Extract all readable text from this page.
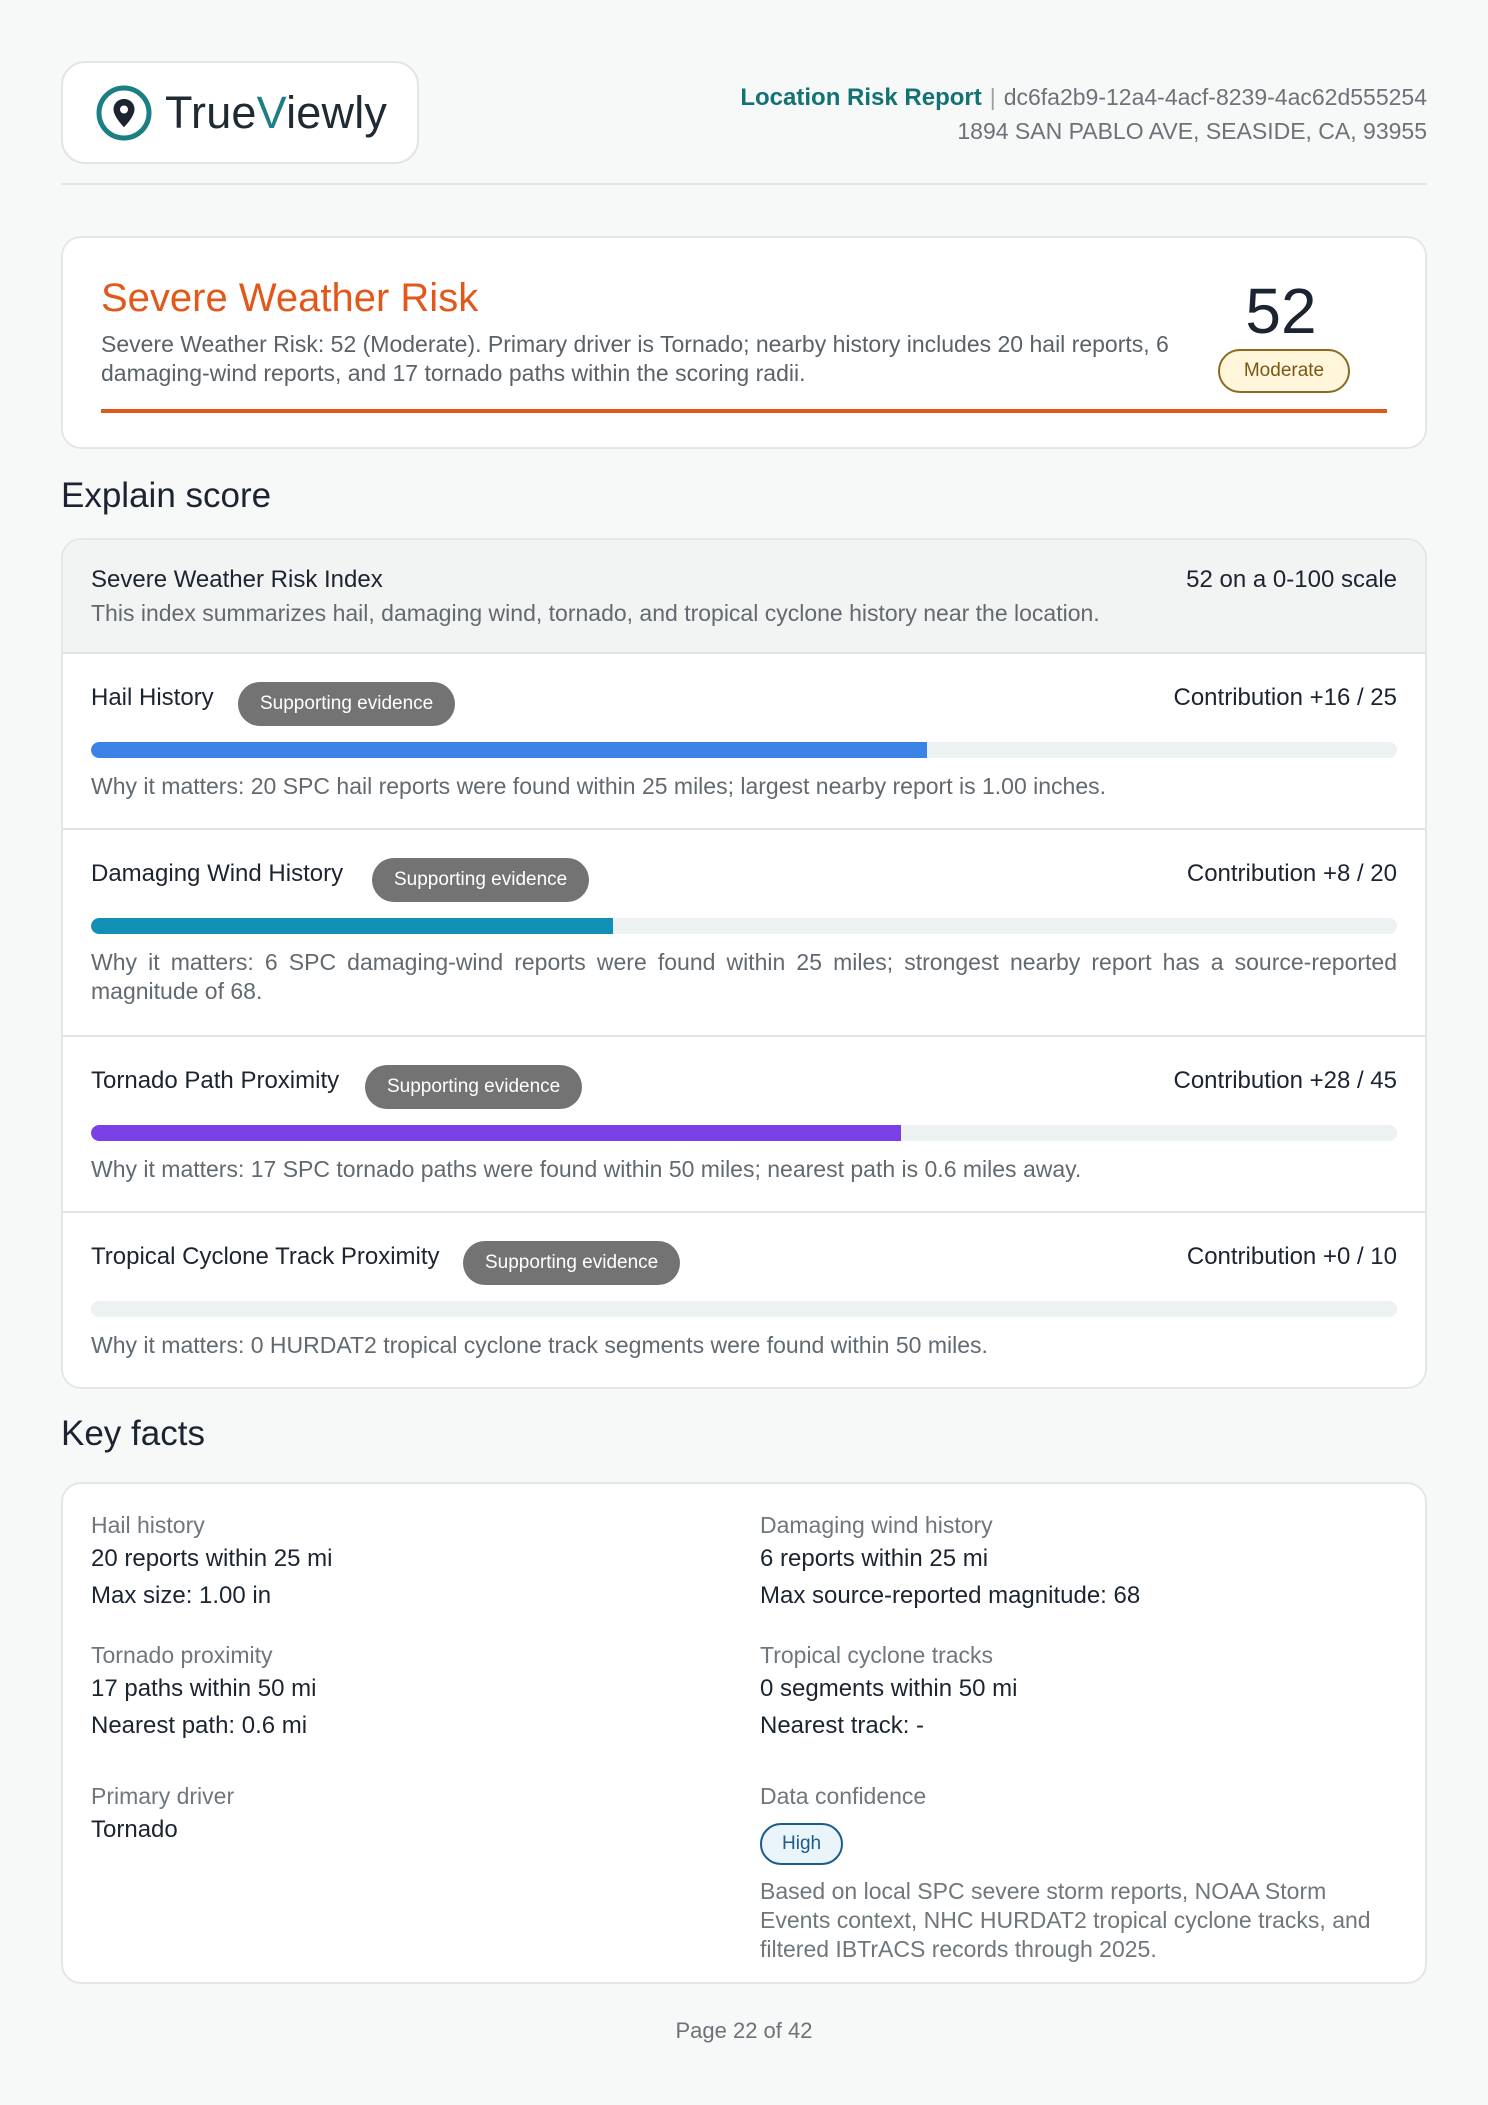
TrueViewly	Location Risk Report | dc6fa2b9-12a4-4acf-8239-4ac62d555254
1894 SAN PABLO AVE, SEASIDE, CA, 93955
Severe Weather Risk
Severe Weather Risk: 52 (Moderate). Primary driver is Tornado; nearby history includes 20 hail reports, 6 damaging-wind reports, and 17 tornado paths within the scoring radii.
52
Moderate
Explain score
Severe Weather Risk Index	52 on a 0-100 scale
This index summarizes hail, damaging wind, tornado, and tropical cyclone history near the location.
Hail History	Supporting evidence	Contribution +16 / 25
Why it matters: 20 SPC hail reports were found within 25 miles; largest nearby report is 1.00 inches.
Damaging Wind History	Supporting evidence	Contribution +8 / 20
Why it matters: 6 SPC damaging-wind reports were found within 25 miles; strongest nearby report has a source-reported magnitude of 68.
Tornado Path Proximity	Supporting evidence	Contribution +28 / 45
Why it matters: 17 SPC tornado paths were found within 50 miles; nearest path is 0.6 miles away.
Tropical Cyclone Track Proximity	Supporting evidence	Contribution +0 / 10
Why it matters: 0 HURDAT2 tropical cyclone track segments were found within 50 miles.
Key facts
Hail history
20 reports within 25 mi
Max size: 1.00 in
Damaging wind history
6 reports within 25 mi
Max source-reported magnitude: 68
Tornado proximity
17 paths within 50 mi
Nearest path: 0.6 mi
Tropical cyclone tracks
0 segments within 50 mi
Nearest track: -
Primary driver
Tornado
Data confidence
High
Based on local SPC severe storm reports, NOAA Storm Events context, NHC HURDAT2 tropical cyclone tracks, and filtered IBTrACS records through 2025.
Page 22 of 42
